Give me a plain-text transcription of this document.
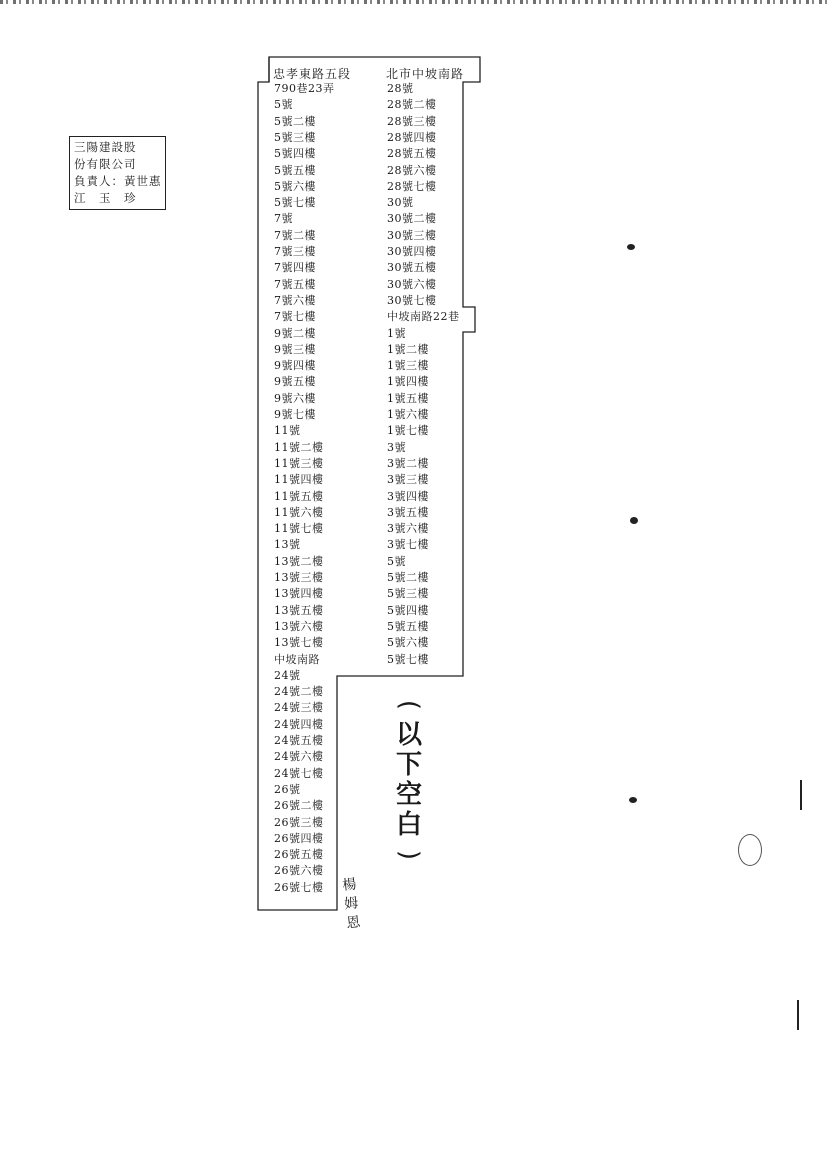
三陽建設股
份有限公司
負責人：黃世惠
江　玉　珍
忠孝東路五段	北市中坡南路
790巷23弄
5號
5號二樓
5號三樓
5號四樓
5號五樓
5號六樓
5號七樓
7號
7號二樓
7號三樓
7號四樓
7號五樓
7號六樓
7號七樓
9號二樓
9號三樓
9號四樓
9號五樓
9號六樓
9號七樓
11號
11號二樓
11號三樓
11號四樓
11號五樓
11號六樓
11號七樓
13號
13號二樓
13號三樓
13號四樓
13號五樓
13號六樓
13號七樓
中坡南路
24號
24號二樓
24號三樓
24號四樓
24號五樓
24號六樓
24號七樓
26號
26號二樓
26號三樓
26號四樓
26號五樓
26號六樓
26號七樓
28號
28號二樓
28號三樓
28號四樓
28號五樓
28號六樓
28號七樓
30號
30號二樓
30號三樓
30號四樓
30號五樓
30號六樓
30號七樓
中坡南路22巷
1號
1號二樓
1號三樓
1號四樓
1號五樓
1號六樓
1號七樓
3號
3號二樓
3號三樓
3號四樓
3號五樓
3號六樓
3號七樓
5號
5號二樓
5號三樓
5號四樓
5號五樓
5號六樓
5號七樓
(
以
下
空
白
)
楊
姆
恩
